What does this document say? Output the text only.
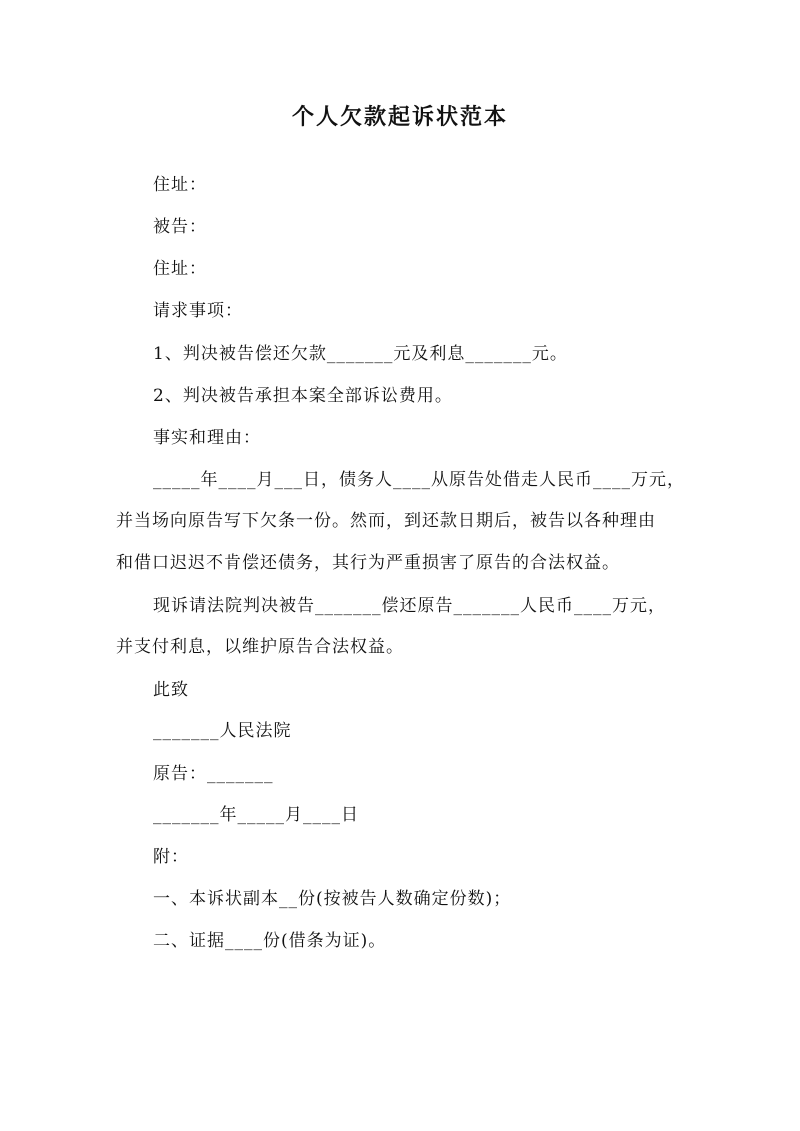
个人欠款起诉状范本
住址：
被告：
住址：
请求事项：
1、判决被告偿还欠款_______元及利息_______元。
2、判决被告承担本案全部诉讼费用。
事实和理由：
_____年____月___日，债务人____从原告处借走人民币____万元，
并当场向原告写下欠条一份。然而，到还款日期后，被告以各种理由
和借口迟迟不肯偿还债务，其行为严重损害了原告的合法权益。
现诉请法院判决被告_______偿还原告_______人民币____万元，
并支付利息，以维护原告合法权益。
此致
_______人民法院
原告：_______
_______年_____月____日
附：
一、本诉状副本__份(按被告人数确定份数)；
二、证据____份(借条为证)。
